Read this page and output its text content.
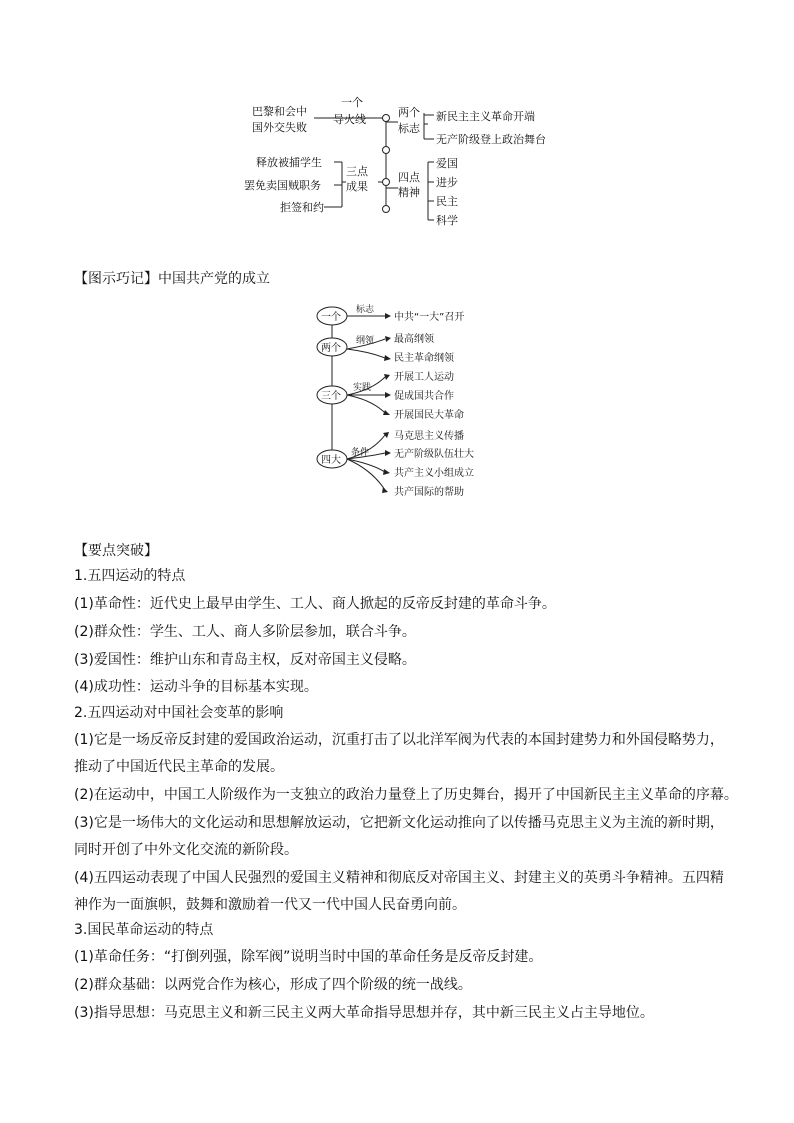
巴黎和会中
国外交失败
释放被捕学生
罢免卖国贼职务
拒签和约
一个
导火线
三点
成果
两个
标志
四点
精神
新民主主义革命开端
无产阶级登上政治舞台
爱国
进步
民主
科学
【图示巧记】中国共产党的成立
一个
两个
三个
四大
标志
纲领
实践
条件
中共“一大”召开
最高纲领
民主革命纲领
开展工人运动
促成国共合作
开展国民大革命
马克思主义传播
无产阶级队伍壮大
共产主义小组成立
共产国际的帮助
【要点突破】
1.五四运动的特点
(1)革命性：近代史上最早由学生、工人、商人掀起的反帝反封建的革命斗争。
(2)群众性：学生、工人、商人多阶层参加，联合斗争。
(3)爱国性：维护山东和青岛主权，反对帝国主义侵略。
(4)成功性：运动斗争的目标基本实现。
2.五四运动对中国社会变革的影响
(1)它是一场反帝反封建的爱国政治运动，沉重打击了以北洋军阀为代表的本国封建势力和外国侵略势力，
推动了中国近代民主革命的发展。
(2)在运动中，中国工人阶级作为一支独立的政治力量登上了历史舞台，揭开了中国新民主主义革命的序幕。
(3)它是一场伟大的文化运动和思想解放运动，它把新文化运动推向了以传播马克思主义为主流的新时期，
同时开创了中外文化交流的新阶段。
(4)五四运动表现了中国人民强烈的爱国主义精神和彻底反对帝国主义、封建主义的英勇斗争精神。五四精
神作为一面旗帜，鼓舞和激励着一代又一代中国人民奋勇向前。
3.国民革命运动的特点
(1)革命任务：“打倒列强，除军阀”说明当时中国的革命任务是反帝反封建。
(2)群众基础：以两党合作为核心，形成了四个阶级的统一战线。
(3)指导思想：马克思主义和新三民主义两大革命指导思想并存，其中新三民主义占主导地位。
